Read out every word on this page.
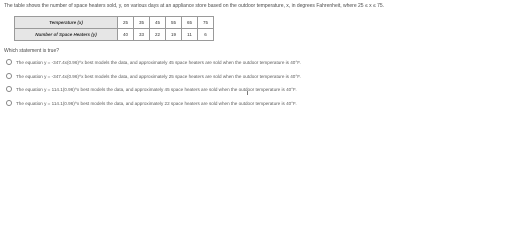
The table shows the number of space heaters sold, y, on various days at an appliance store based on the outdoor temperature, x, in degrees Fahrenheit, where 25 ≤ x ≤ 75.
Temperature (x)	25	35	45	55	65	75
Number of Space Heaters (y)	40	33	22	19	11	6
Which statement is true?
The equation y = -347.4x(0.96)^x best models the data, and approximately 45 space heaters are sold when the outdoor temperature is 40°F.
The equation y = -347.4x(0.96)^x best models the data, and approximately 25 space heaters are sold when the outdoor temperature is 40°F.
The equation y = 114.1(0.96)^x best models the data, and approximately 45 space heaters are sold when the outdoor temperature is 40°F.
The equation y = 114.1(0.96)^x best models the data, and approximately 22 space heaters are sold when the outdoor temperature is 40°F.
